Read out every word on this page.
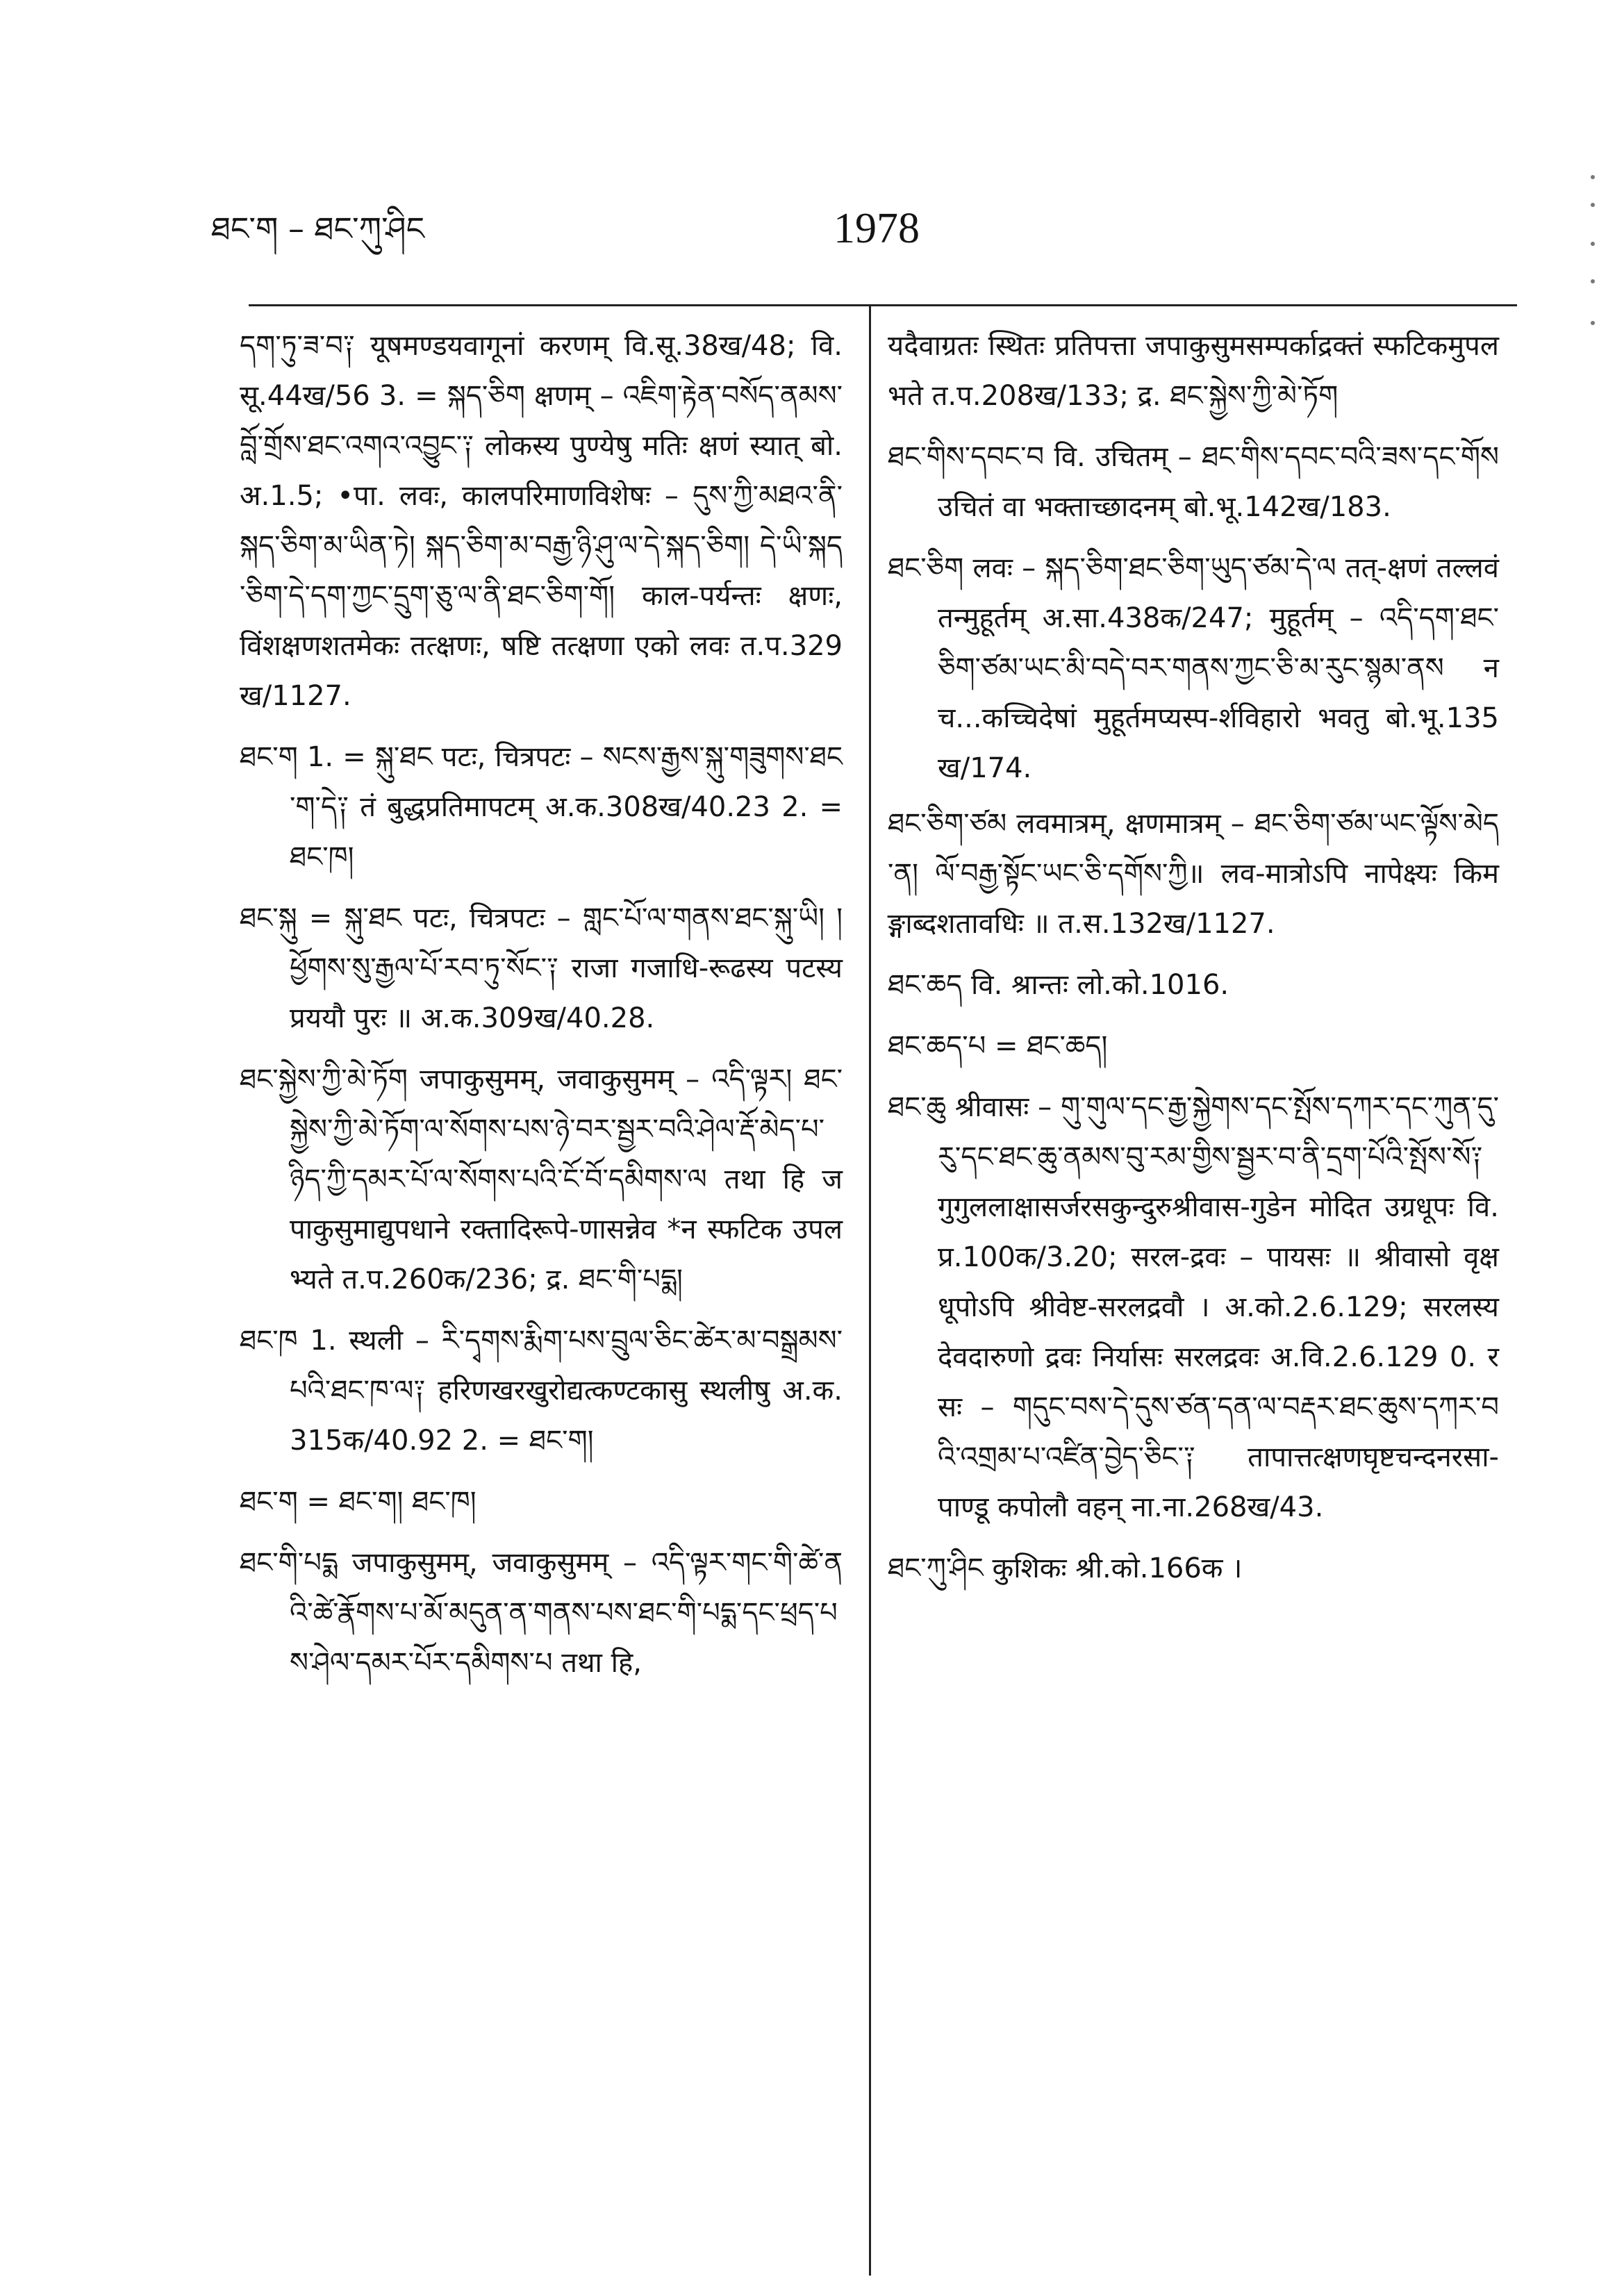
ཐང་ག – ཐང་ཀུ་ཤིང	1978

དག་ཏུ་ཟ་བ༑ यूषमण्डयवागूनां करणम् वि.सू.38ख/48; वि.सू.44ख/56 3. = སྐད་ཅིག क्षणम् – འཇིག་རྟེན་བསོད་ནམས་བློ་གྲོས་ཐང་འགའ་འབྱུང་༑ लोकस्य पुण्येषु मतिः क्षणं स्यात् बो.अ.1.5; •पा. लवः, कालपरिमाणविशेषः – དུས་ཀྱི་མཐའ་ནི་སྐད་ཅིག་མ་ཡིན་ཏེ། སྐད་ཅིག་མ་བརྒྱ་ཉི་ཤུ་ལ་དེ་སྐད་ཅིག། དེ་ཡི་སྐད་ཅིག་དེ་དག་ཀྱང་དྲུག་ཅུ་ལ་ནི་ཐང་ཅིག་གོ། काल-पर्यन्तः क्षणः, विंशक्षणशतमेकः तत्क्षणः, षष्टि तत्क्षणा एको लवः त.प.329ख/1127.

ཐང་ག 1. = སྐུ་ཐང पटः, चित्रपटः – སངས་རྒྱས་སྐུ་གཟུགས་ཐང་ག་དེ༑ तं बुद्धप्रतिमापटम् अ.क.308ख/40.23 2. = ཐང་ཁ།

ཐང་སྐུ = སྐུ་ཐང पटः, चित्रपटः – གླང་པོ་ལ་གནས་ཐང་སྐུ་ཡི། །ཕྱོགས་སུ་རྒྱལ་པོ་རབ་ཏུ་སོང་༑ राजा गजाधि-रूढस्य पटस्य प्रययौ पुरः ॥ अ.क.309ख/40.28.

ཐང་སྐྱེས་ཀྱི་མེ་ཏོག जपाकुसुमम्, जवाकुसुमम् – འདི་ལྟར། ཐང་སྐྱེས་ཀྱི་མེ་ཏོག་ལ་སོགས་པས་ཉེ་བར་སྦྱར་བའི་ཤེལ་རྡོ་མེད་པ་ཉིད་ཀྱི་དམར་པོ་ལ་སོགས་པའི་ངོ་བོ་དམིགས་ལ तथा हि जपाकुसुमाद्युपधाने रक्तादिरूपे-णासन्नेव *न स्फटिक उपलभ्यते त.प.260क/236; द्र. ཐང་གི་པདྨ།

ཐང་ཁ 1. स्थली – རི་དྭགས་རྨིག་པས་བྲུལ་ཅིང་ཚེར་མ་བསྒྲམས་པའི་ཐང་ཁ་ལ༑ हरिणखरखुरोद्यत्कण्टकासु स्थलीषु अ.क.315क/40.92 2. = ཐང་ག།

ཐང་ག = ཐང་ག། ཐང་ཁ།

ཐང་གི་པདྨ जपाकुसुमम्, जवाकुसुमम् – འདི་ལྟར་གང་གི་ཚེ་ནའི་ཚེ་རྣོགས་པ་མོ་མདུན་ན་གནས་པས་ཐང་གི་པདྨ་དང་ཕྲད་པས་ཤེལ་དམར་པོར་དམིགས་པ तथा हि,

यदैवाग्रतः स्थितः प्रतिपत्ता जपाकुसुमसम्पर्काद्रक्तं स्फटिकमुपलभते त.प.208ख/133; द्र. ཐང་སྐྱེས་ཀྱི་མེ་ཏོག

ཐང་གིས་དབང་བ वि. उचितम् – ཐང་གིས་དབང་བའི་ཟས་དང་གོས उचितं वा भक्ताच्छादनम् बो.भू.142ख/183.

ཐང་ཅིག लवः – སྐད་ཅིག་ཐང་ཅིག་ཡུད་ཙམ་དེ་ལ तत्-क्षणं तल्लवं तन्मुहूर्तम् अ.सा.438क/247; मुहूर्तम् – འདི་དག་ཐང་ཅིག་ཙམ་ཡང་མི་བདེ་བར་གནས་ཀྱང་ཅི་མ་རུང་སྙམ་ནས न च...कच्चिदेषां मुहूर्तमप्यस्प-र्शविहारो भवतु बो.भू.135ख/174.

ཐང་ཅིག་ཙམ लवमात्रम्, क्षणमात्रम् – ཐང་ཅིག་ཙམ་ཡང་ལྟོས་མེད་ན། ལོ་བརྒྱ་སྟོང་ཡང་ཅི་དགོས་ཀྱི॥ लव-मात्रोऽपि नापेक्ष्यः किमङ्गाब्दशतावधिः ॥ त.स.132ख/1127.

ཐང་ཆད वि. श्रान्तः लो.को.1016.

ཐང་ཆད་པ = ཐང་ཆད།

ཐང་ཆུ श्रीवासः – གུ་གུལ་དང་རྒྱ་སྐྱེགས་དང་སྤོས་དཀར་དང་ཀུན་དུ་རུ་དང་ཐང་ཆུ་ནམས་བུ་རམ་གྱིས་སྦྱར་བ་ནི་དྲག་པོའི་སྤོས་སོ༑ गुगुललाक्षासर्जरसकुन्दुरुश्रीवास-गुडेन मोदित उग्रधूपः वि.प्र.100क/3.20; सरल-द्रवः – पायसः ॥ श्रीवासो वृक्षधूपोऽपि श्रीवेष्ट-सरलद्रवौ । अ.को.2.6.129; सरलस्य देवदारुणो द्रवः निर्यासः सरलद्रवः अ.वि.2.6.129 0. रसः – གདུང་བས་དེ་དུས་ཙན་དན་ལ་བརྡར་ཐང་ཆུས་དཀར་བའི་འགྲམ་པ་འཛིན་བྱེད་ཅིང་༑ तापात्तत्क्षणघृष्टचन्दनरसा-पाण्डू कपोलौ वहन् ना.ना.268ख/43.

ཐང་ཀུ་ཤིང कुशिकः श्री.को.166क ।
